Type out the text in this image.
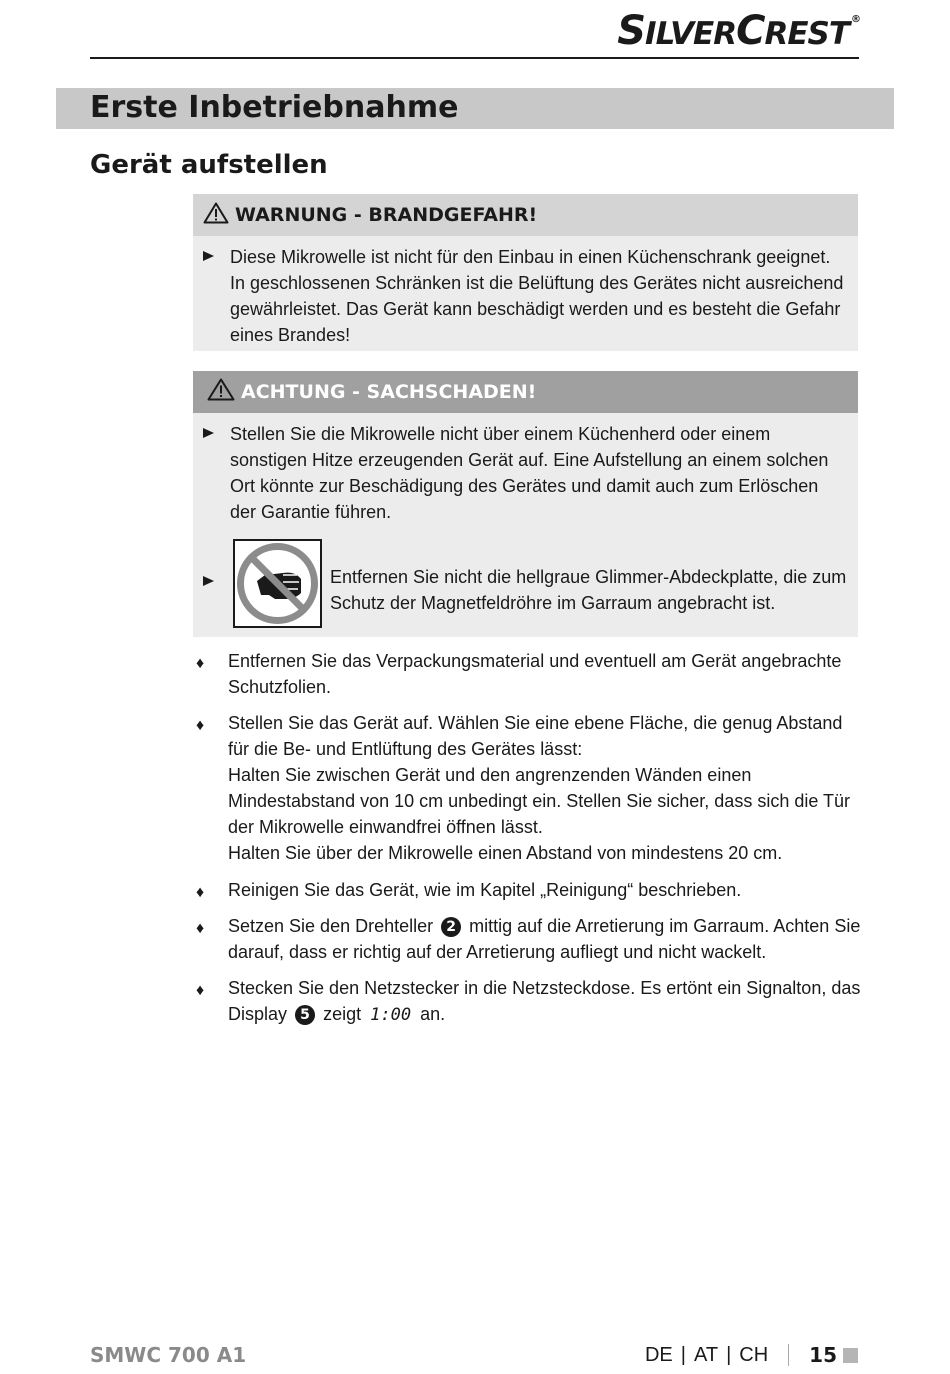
SILVERCREST ®
Erste Inbetriebnahme
Gerät aufstellen
WARNUNG - BRANDGEFAHR!
Diese Mikrowelle ist nicht für den Einbau in einen Küchenschrank geeignet. In geschlossenen Schränken ist die Belüftung des Gerätes nicht ausreichend gewährleistet. Das Gerät kann beschädigt werden und es besteht die Gefahr eines Brandes!
ACHTUNG - SACHSCHADEN!
Stellen Sie die Mikrowelle nicht über einem Küchenherd oder einem sonstigen Hitze erzeugenden Gerät auf. Eine Aufstellung an einem solchen Ort könnte zur Beschädigung des Gerätes und damit auch zum Erlöschen der Garantie führen.
Entfernen Sie nicht die hellgraue Glimmer-Abdeckplatte, die zum Schutz der Magnetfeldröhre im Garraum angebracht ist.
♦ Entfernen Sie das Verpackungsmaterial und eventuell am Gerät angebrachte Schutzfolien.
♦ Stellen Sie das Gerät auf. Wählen Sie eine ebene Fläche, die genug Abstand für die Be- und Entlüftung des Gerätes lässt:
Halten Sie zwischen Gerät und den angrenzenden Wänden einen Mindestabstand von 10 cm unbedingt ein. Stellen Sie sicher, dass sich die Tür der Mikrowelle einwandfrei öffnen lässt.
Halten Sie über der Mikrowelle einen Abstand von mindestens 20 cm.
♦ Reinigen Sie das Gerät, wie im Kapitel „Reinigung“ beschrieben.
♦ Setzen Sie den Drehteller 2 mittig auf die Arretierung im Garraum. Achten Sie darauf, dass er richtig auf der Arretierung aufliegt und nicht wackelt.
♦ Stecken Sie den Netzstecker in die Netzsteckdose. Es ertönt ein Signalton, das Display 5 zeigt 1:00 an.
SMWC 700 A1	DE | AT | CH 15
